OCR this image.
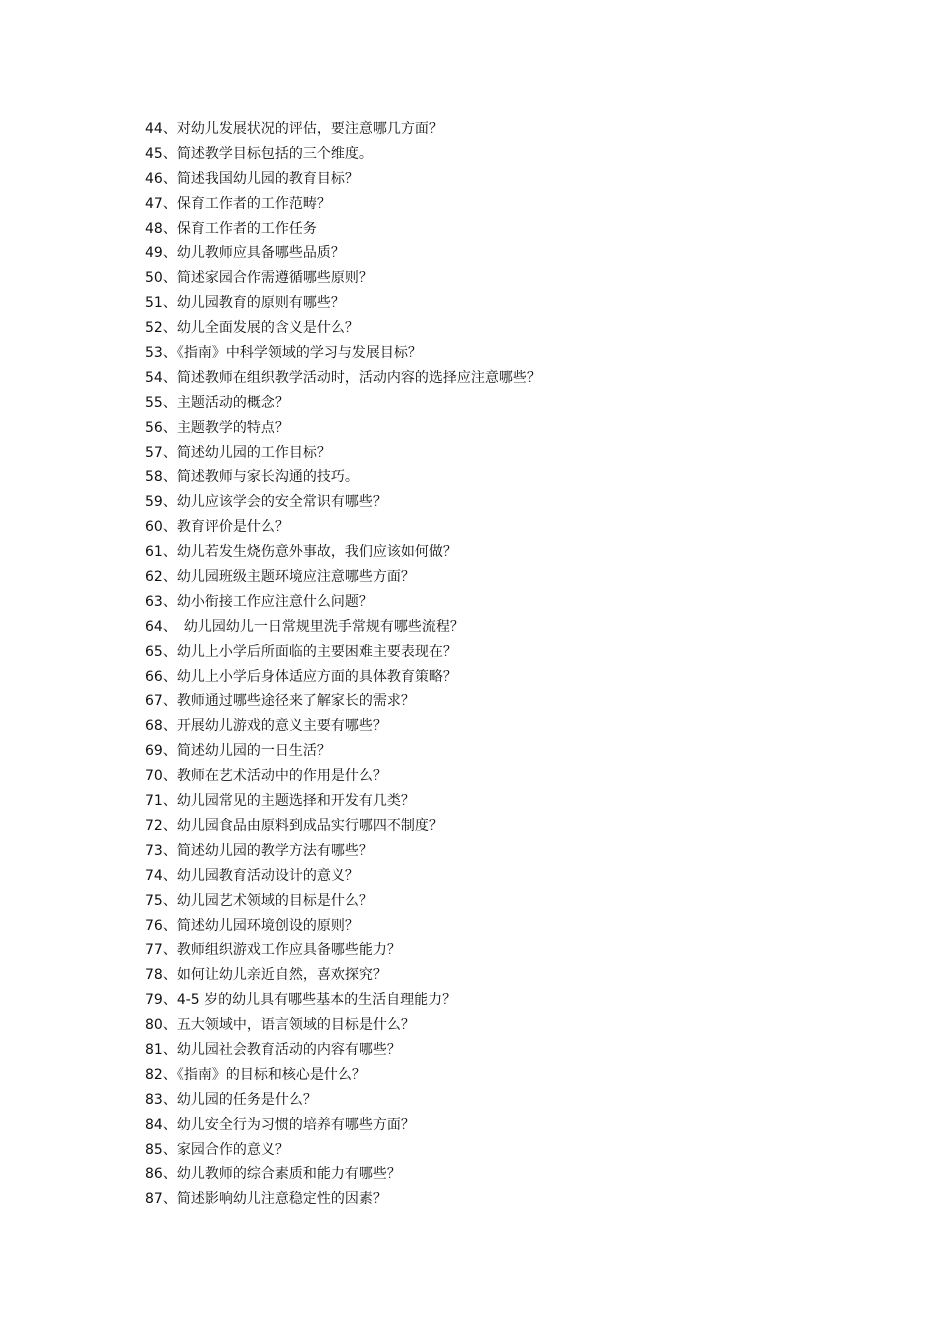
44、对幼儿发展状况的评估，要注意哪几方面？
45、简述教学目标包括的三个维度。
46、简述我国幼儿园的教育目标？
47、保育工作者的工作范畴？
48、保育工作者的工作任务
49、幼儿教师应具备哪些品质？
50、简述家园合作需遵循哪些原则？
51、幼儿园教育的原则有哪些？
52、幼儿全面发展的含义是什么？
53、《指南》中科学领域的学习与发展目标？
54、简述教师在组织教学活动时，活动内容的选择应注意哪些？
55、主题活动的概念？
56、主题教学的特点？
57、简述幼儿园的工作目标？
58、简述教师与家长沟通的技巧。
59、幼儿应该学会的安全常识有哪些？
60、教育评价是什么？
61、幼儿若发生烧伤意外事故，我们应该如何做？
62、幼儿园班级主题环境应注意哪些方面？
63、幼小衔接工作应注意什么问题？
64、　幼儿园幼儿一日常规里洗手常规有哪些流程？
65、幼儿上小学后所面临的主要困难主要表现在？
66、幼儿上小学后身体适应方面的具体教育策略？
67、教师通过哪些途径来了解家长的需求？
68、开展幼儿游戏的意义主要有哪些？
69、简述幼儿园的一日生活？
70、教师在艺术活动中的作用是什么？
71、幼儿园常见的主题选择和开发有几类？
72、幼儿园食品由原料到成品实行哪四不制度？
73、简述幼儿园的教学方法有哪些？
74、幼儿园教育活动设计的意义？
75、幼儿园艺术领域的目标是什么？
76、简述幼儿园环境创设的原则？
77、教师组织游戏工作应具备哪些能力？
78、如何让幼儿亲近自然，喜欢探究？
79、4-5 岁的幼儿具有哪些基本的生活自理能力？
80、五大领域中，语言领域的目标是什么？
81、幼儿园社会教育活动的内容有哪些？
82、《指南》的目标和核心是什么？
83、幼儿园的任务是什么？
84、幼儿安全行为习惯的培养有哪些方面？
85、家园合作的意义？
86、幼儿教师的综合素质和能力有哪些？
87、简述影响幼儿注意稳定性的因素？
